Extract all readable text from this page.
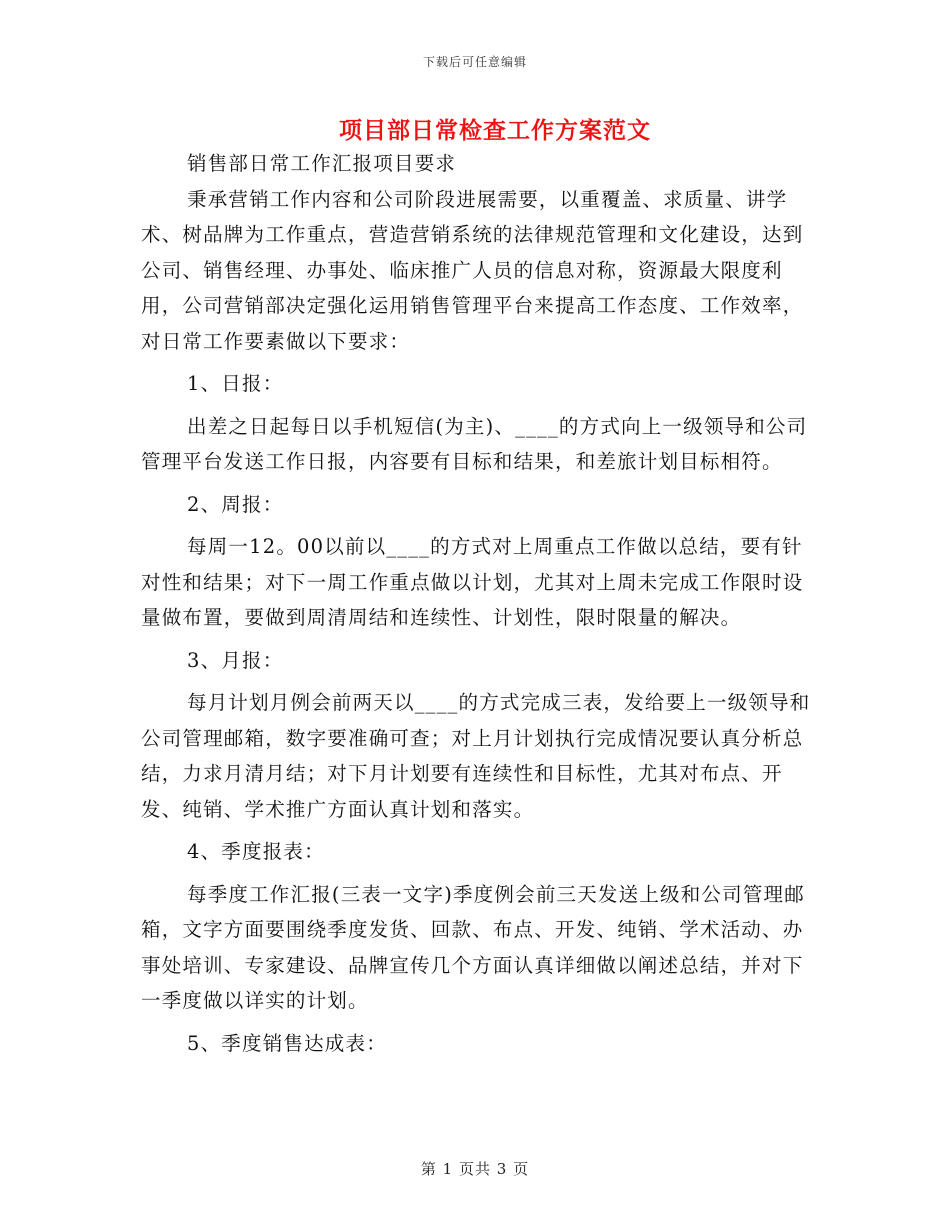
下载后可任意编辑
项目部日常检查工作方案范文

销售部日常工作汇报项目要求

秉承营销工作内容和公司阶段进展需要，以重覆盖、求质量、讲学术、树品牌为工作重点，营造营销系统的法律规范管理和文化建设，达到公司、销售经理、办事处、临床推广人员的信息对称，资源最大限度利用，公司营销部决定强化运用销售管理平台来提高工作态度、工作效率，对日常工作要素做以下要求：

1、日报：

出差之日起每日以手机短信(为主)、____的方式向上一级领导和公司管理平台发送工作日报，内容要有目标和结果，和差旅计划目标相符。

2、周报：

每周一12。00以前以____的方式对上周重点工作做以总结，要有针对性和结果；对下一周工作重点做以计划，尤其对上周未完成工作限时设量做布置，要做到周清周结和连续性、计划性，限时限量的解决。

3、月报：

每月计划月例会前两天以____的方式完成三表，发给要上一级领导和公司管理邮箱，数字要准确可查；对上月计划执行完成情况要认真分析总结，力求月清月结；对下月计划要有连续性和目标性，尤其对布点、开发、纯销、学术推广方面认真计划和落实。

4、季度报表：

每季度工作汇报(三表一文字)季度例会前三天发送上级和公司管理邮箱，文字方面要围绕季度发货、回款、布点、开发、纯销、学术活动、办事处培训、专家建设、品牌宣传几个方面认真详细做以阐述总结，并对下一季度做以详实的计划。

5、季度销售达成表：

第 1 页共 3 页
